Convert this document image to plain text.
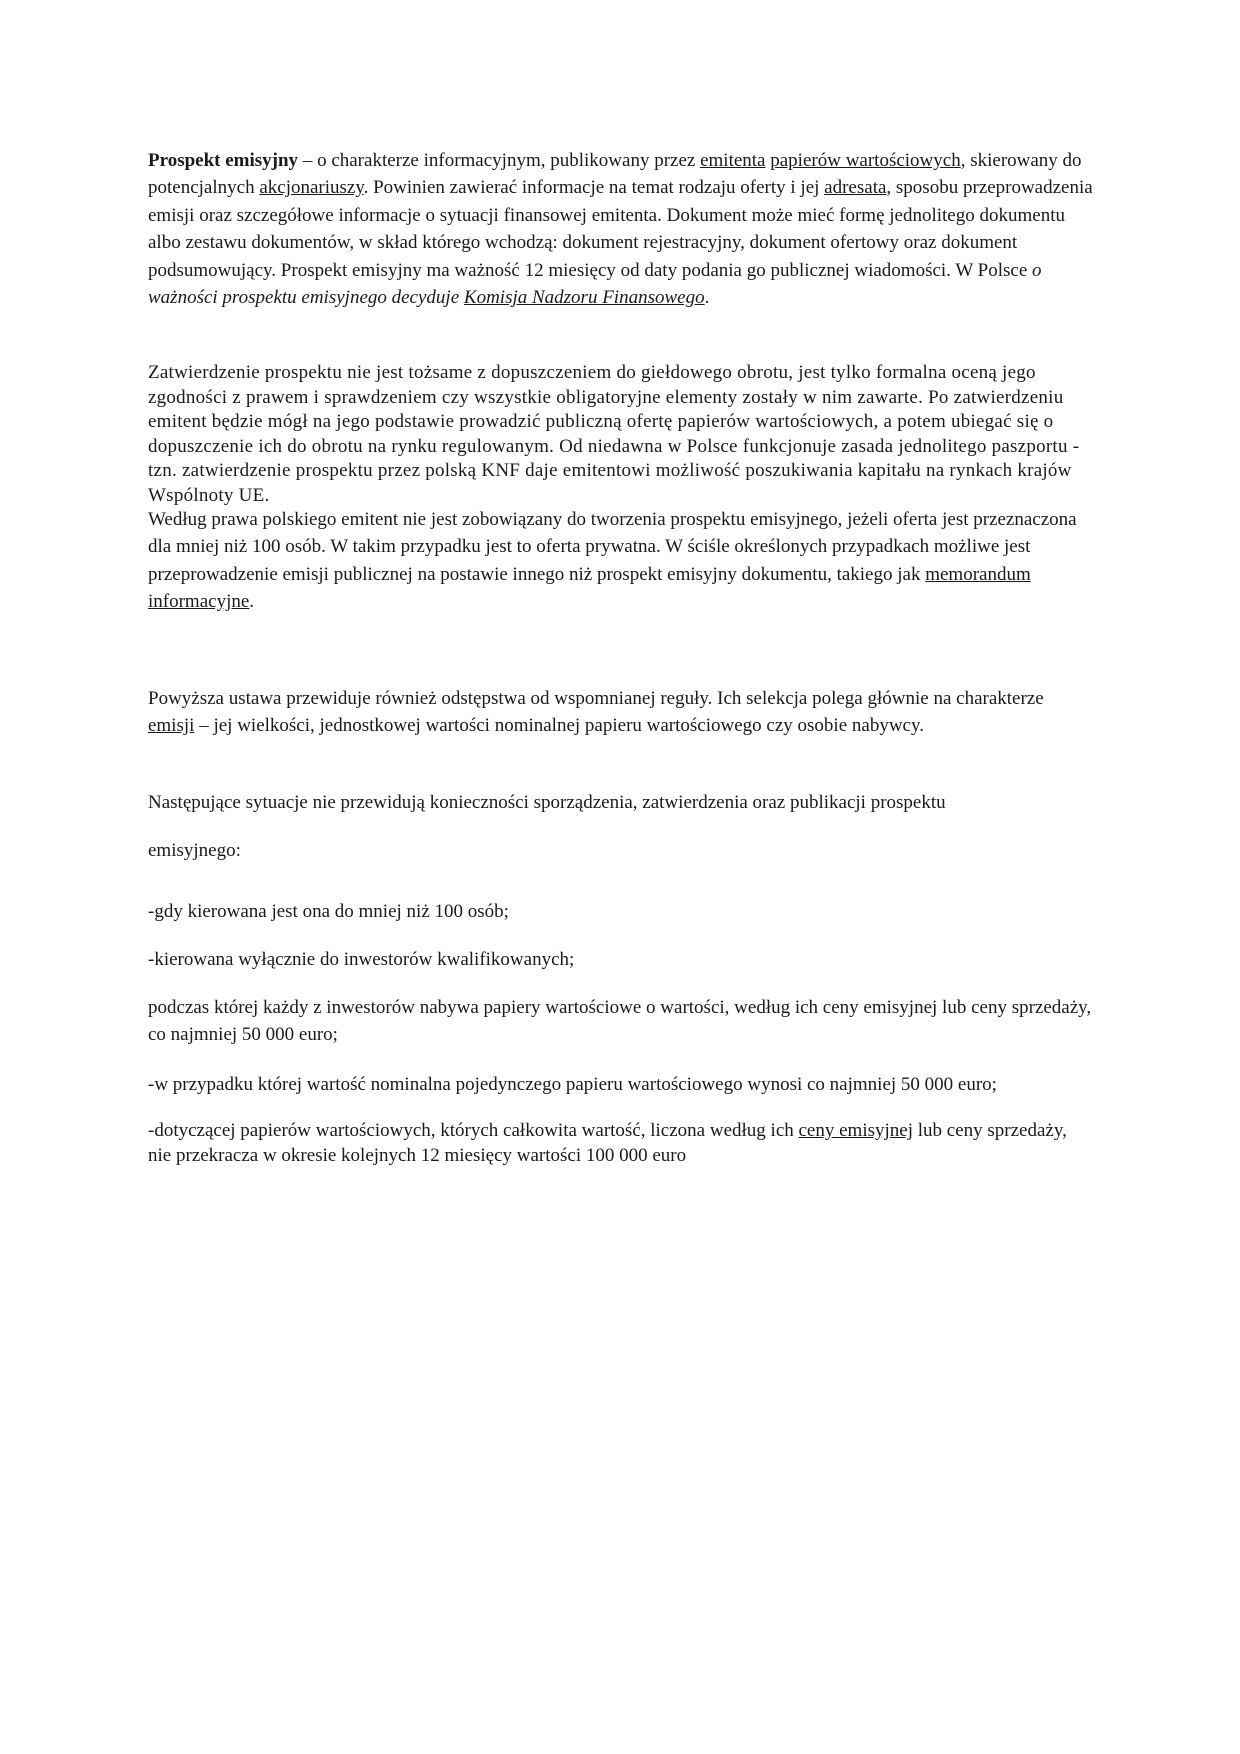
Prospekt emisyjny – o charakterze informacyjnym, publikowany przez emitenta papierów wartościowych, skierowany do potencjalnych akcjonariuszy. Powinien zawierać informacje na temat rodzaju oferty i jej adresata, sposobu przeprowadzenia emisji oraz szczegółowe informacje o sytuacji finansowej emitenta. Dokument może mieć formę jednolitego dokumentu albo zestawu dokumentów, w skład którego wchodzą: dokument rejestracyjny, dokument ofertowy oraz dokument podsumowujący. Prospekt emisyjny ma ważność 12 miesięcy od daty podania go publicznej wiadomości. W Polsce o ważności prospektu emisyjnego decyduje Komisja Nadzoru Finansowego.

Zatwierdzenie prospektu nie jest tożsame z dopuszczeniem do giełdowego obrotu, jest tylko formalna oceną jego zgodności z prawem i sprawdzeniem czy wszystkie obligatoryjne elementy zostały w nim zawarte. Po zatwierdzeniu emitent będzie mógł na jego podstawie prowadzić publiczną ofertę papierów wartościowych, a potem ubiegać się o dopuszczenie ich do obrotu na rynku regulowanym. Od niedawna w Polsce funkcjonuje zasada jednolitego paszportu - tzn. zatwierdzenie prospektu przez polską KNF daje emitentowi możliwość poszukiwania kapitału na rynkach krajów Wspólnoty UE.

Według prawa polskiego emitent nie jest zobowiązany do tworzenia prospektu emisyjnego, jeżeli oferta jest przeznaczona dla mniej niż 100 osób. W takim przypadku jest to oferta prywatna. W ściśle określonych przypadkach możliwe jest przeprowadzenie emisji publicznej na postawie innego niż prospekt emisyjny dokumentu, takiego jak memorandum informacyjne.

Powyższa ustawa przewiduje również odstępstwa od wspomnianej reguły. Ich selekcja polega głównie na charakterze emisji – jej wielkości, jednostkowej wartości nominalnej papieru wartościowego czy osobie nabywcy.

Następujące sytuacje nie przewidują konieczności sporządzenia, zatwierdzenia oraz publikacji prospektu

emisyjnego:

-gdy kierowana jest ona do mniej niż 100 osób;

-kierowana wyłącznie do inwestorów kwalifikowanych;

podczas której każdy z inwestorów nabywa papiery wartościowe o wartości, według ich ceny emisyjnej lub ceny sprzedaży, co najmniej 50 000 euro;

-w przypadku której wartość nominalna pojedynczego papieru wartościowego wynosi co najmniej 50 000 euro;

-dotyczącej papierów wartościowych, których całkowita wartość, liczona według ich ceny emisyjnej lub ceny sprzedaży, nie przekracza w okresie kolejnych 12 miesięcy wartości 100 000 euro
